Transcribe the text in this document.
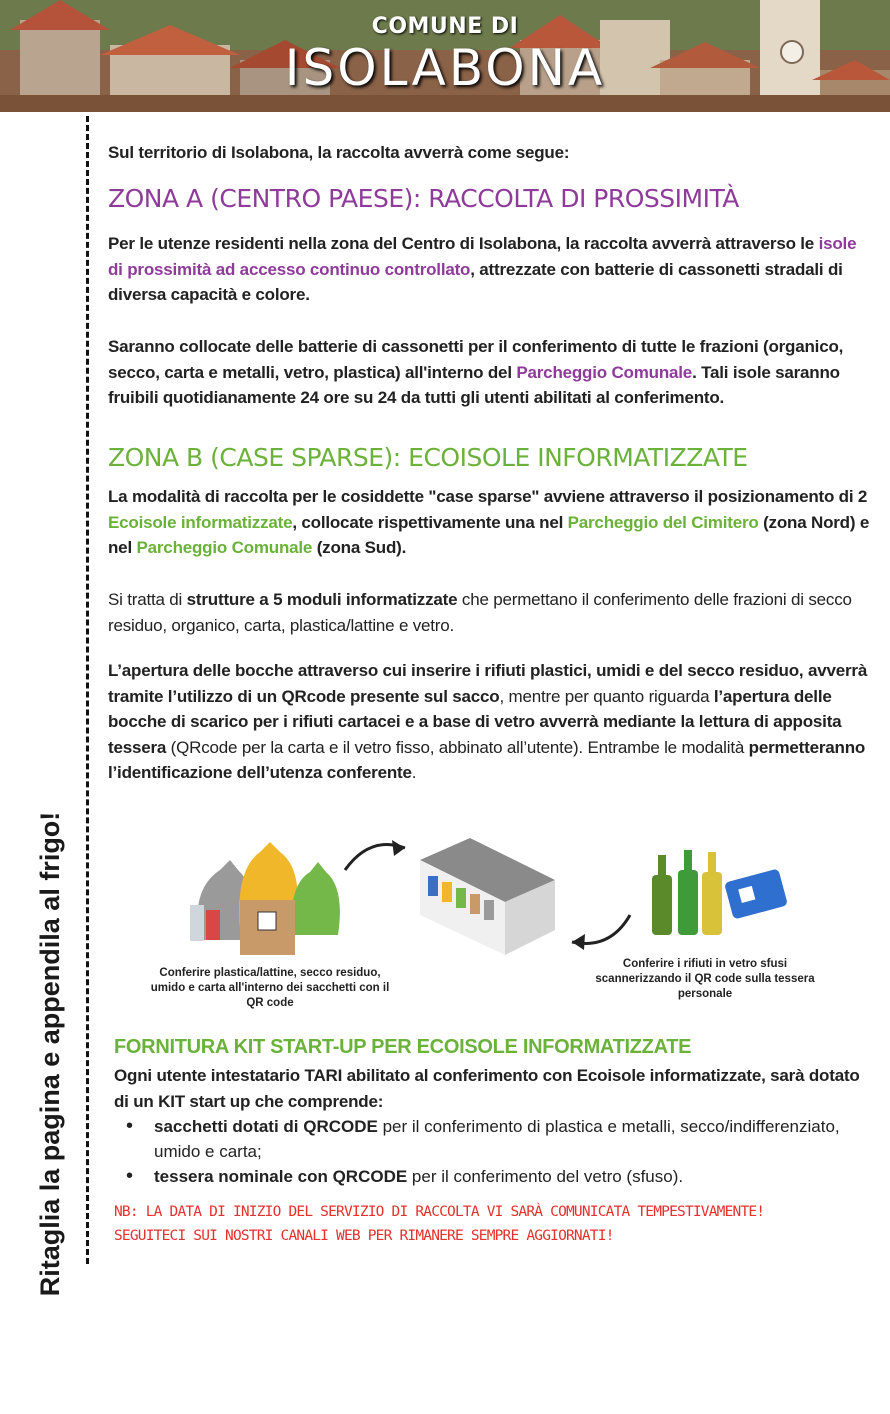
COMUNE DI
ISOLABONA
Ritaglia la pagina e appendila al frigo!

Sul territorio di Isolabona, la raccolta avverrà come segue:

ZONA A (CENTRO PAESE): RACCOLTA DI PROSSIMITÀ

Per le utenze residenti nella zona del Centro di Isolabona, la raccolta avverrà attraverso le isole di prossimità ad accesso continuo controllato, attrezzate con batterie di cassonetti stradali di diversa capacità e colore.

Saranno collocate delle batterie di cassonetti per il conferimento di tutte le frazioni (organico, secco, carta e metalli, vetro, plastica) all'interno del Parcheggio Comunale. Tali isole saranno fruibili quotidianamente 24 ore su 24 da tutti gli utenti abilitati al conferimento.

ZONA B (CASE SPARSE): ECOISOLE INFORMATIZZATE

La modalità di raccolta per le cosiddette "case sparse" avviene attraverso il posizionamento di 2 Ecoisole informatizzate, collocate rispettivamente una nel Parcheggio del Cimitero (zona Nord) e nel Parcheggio Comunale (zona Sud).

Si tratta di strutture a 5 moduli informatizzate che permettano il conferimento delle frazioni di secco residuo, organico, carta, plastica/lattine e vetro.

L’apertura delle bocche attraverso cui inserire i rifiuti plastici, umidi e del secco residuo, avverrà tramite l’utilizzo di un QRcode presente sul sacco, mentre per quanto riguarda l’apertura delle bocche di scarico per i rifiuti cartacei e a base di vetro avverrà mediante la lettura di apposita tessera (QRcode per la carta e il vetro fisso, abbinato all’utente). Entrambe le modalità permetteranno l’identificazione dell’utenza conferente.

Conferire plastica/lattine, secco residuo, umido e carta all'interno dei sacchetti con il QR code
Conferire i rifiuti in vetro sfusi scannerizzando il QR code sulla tessera personale
FORNITURA KIT START-UP PER ECOISOLE INFORMATIZZATE

Ogni utente intestatario TARI abilitato al conferimento con Ecoisole informatizzate, sarà dotato di un KIT start up che comprende:

• sacchetti dotati di QRCODE per il conferimento di plastica e metalli, secco/indifferenziato, umido e carta;
• tessera nominale con QRCODE per il conferimento del vetro (sfuso).
NB: LA DATA DI INIZIO DEL SERVIZIO DI RACCOLTA VI SARÀ COMUNICATA TEMPESTIVAMENTE!
SEGUITECI SUI NOSTRI CANALI WEB PER RIMANERE SEMPRE AGGIORNATI!
